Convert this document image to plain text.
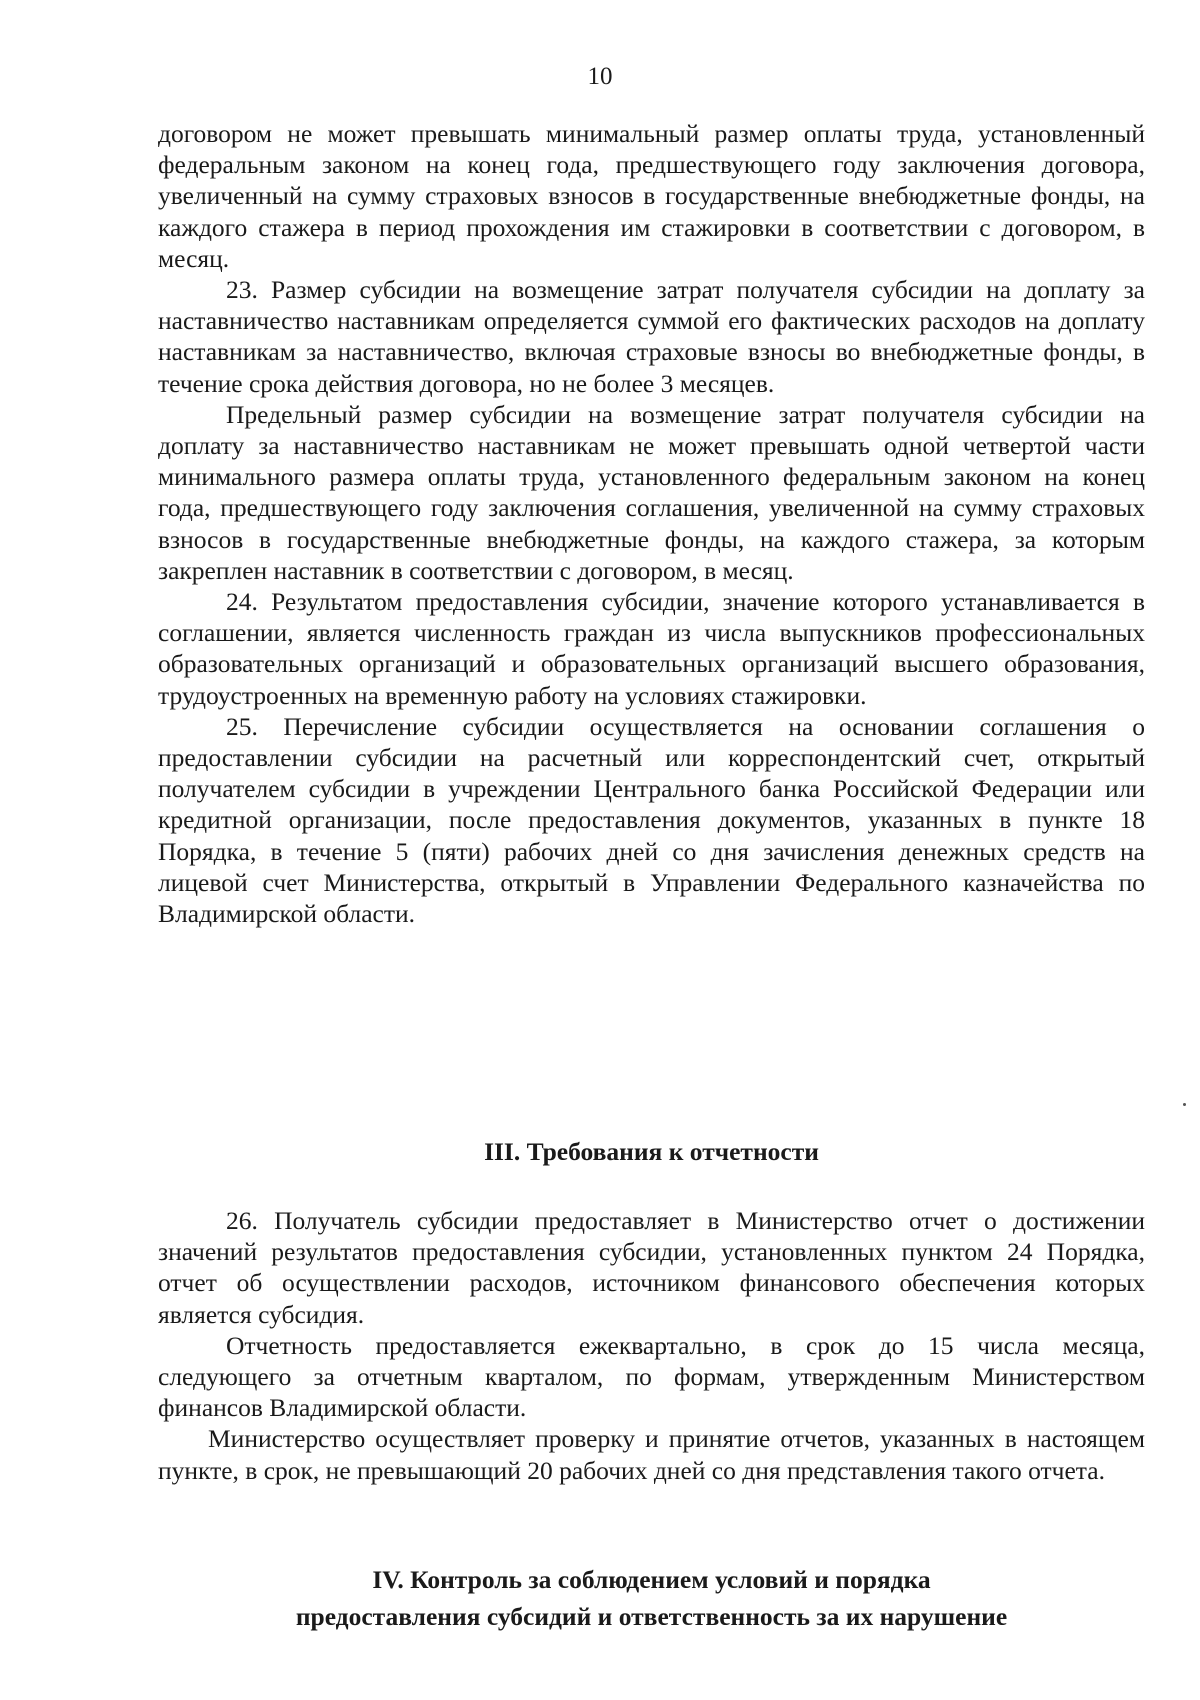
10

договором не может превышать минимальный размер оплаты труда, установленный федеральным законом на конец года, предшествующего году заключения договора, увеличенный на сумму страховых взносов в государственные внебюджетные фонды, на каждого стажера в период прохождения им стажировки в соответствии с договором, в месяц.

23. Размер субсидии на возмещение затрат получателя субсидии на доплату за наставничество наставникам определяется суммой его фактических расходов на доплату наставникам за наставничество, включая страховые взносы во внебюджетные фонды, в течение срока действия договора, но не более 3 месяцев.

Предельный размер субсидии на возмещение затрат получателя субсидии на доплату за наставничество наставникам не может превышать одной четвертой части минимального размера оплаты труда, установленного федеральным законом на конец года, предшествующего году заключения соглашения, увеличенной на сумму страховых взносов в государственные внебюджетные фонды, на каждого стажера, за которым закреплен наставник в соответствии с договором, в месяц.

24. Результатом предоставления субсидии, значение которого устанавливается в соглашении, является численность граждан из числа выпускников профессиональных образовательных организаций и образовательных организаций высшего образования, трудоустроенных на временную работу на условиях стажировки.

25. Перечисление субсидии осуществляется на основании соглашения о предоставлении субсидии на расчетный или корреспондентский счет, открытый получателем субсидии в учреждении Центрального банка Российской Федерации или кредитной организации, после предоставления документов, указанных в пункте 18 Порядка, в течение 5 (пяти) рабочих дней со дня зачисления денежных средств на лицевой счет Министерства, открытый в Управлении Федерального казначейства по Владимирской области.

III. Требования к отчетности

26. Получатель субсидии предоставляет в Министерство отчет о достижении значений результатов предоставления субсидии, установленных пунктом 24 Порядка, отчет об осуществлении расходов, источником финансового обеспечения которых является субсидия.

Отчетность предоставляется ежеквартально, в срок до 15 числа месяца, следующего за отчетным кварталом, по формам, утвержденным Министерством финансов Владимирской области.

Министерство осуществляет проверку и принятие отчетов, указанных в настоящем пункте, в срок, не превышающий 20 рабочих дней со дня представления такого отчета.

IV. Контроль за соблюдением условий и порядка

предоставления субсидий и ответственность за их нарушение
